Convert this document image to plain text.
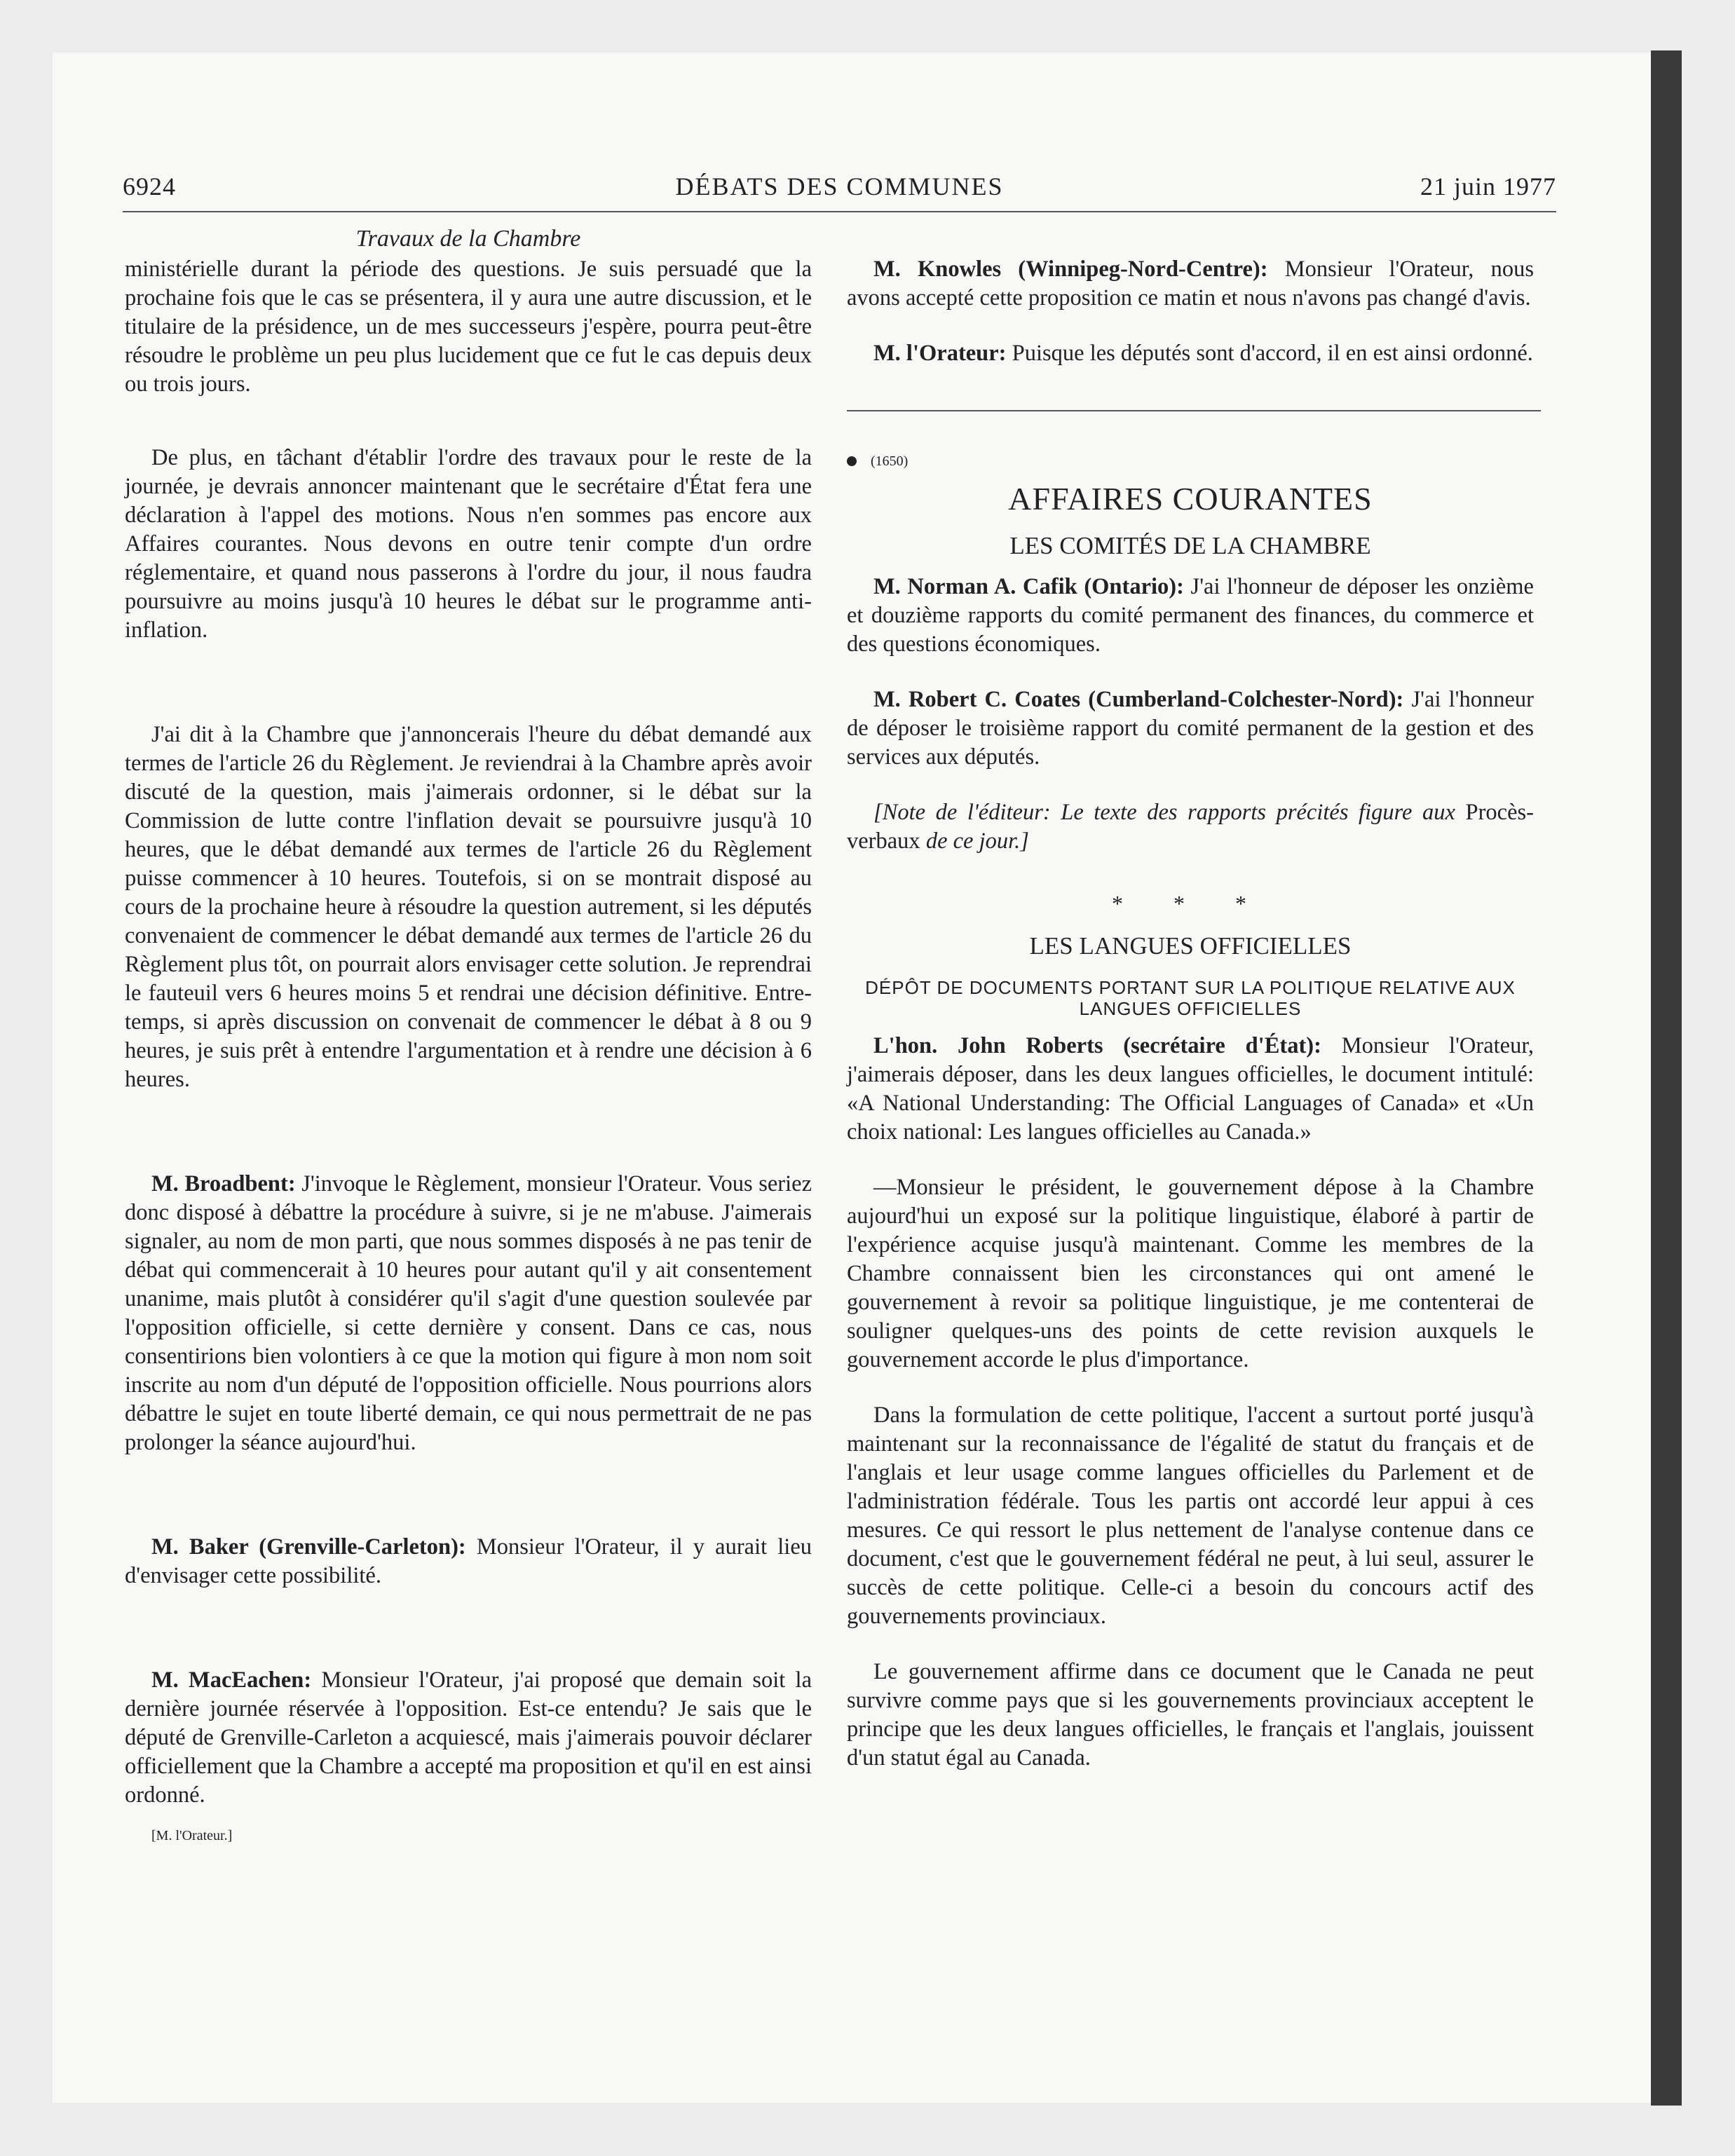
6924	DÉBATS DES COMMUNES	21 juin 1977

Travaux de la Chambre

ministérielle durant la période des questions. Je suis persuadé que la prochaine fois que le cas se présentera, il y aura une autre discussion, et le titulaire de la présidence, un de mes successeurs j'espère, pourra peut-être résoudre le problème un peu plus lucidement que ce fut le cas depuis deux ou trois jours.

De plus, en tâchant d'établir l'ordre des travaux pour le reste de la journée, je devrais annoncer maintenant que le secrétaire d'État fera une déclaration à l'appel des motions. Nous n'en sommes pas encore aux Affaires courantes. Nous devons en outre tenir compte d'un ordre réglementaire, et quand nous passerons à l'ordre du jour, il nous faudra poursuivre au moins jusqu'à 10 heures le débat sur le programme anti-inflation.

J'ai dit à la Chambre que j'annoncerais l'heure du débat demandé aux termes de l'article 26 du Règlement. Je reviendrai à la Chambre après avoir discuté de la question, mais j'aimerais ordonner, si le débat sur la Commission de lutte contre l'inflation devait se poursuivre jusqu'à 10 heures, que le débat demandé aux termes de l'article 26 du Règlement puisse commencer à 10 heures. Toutefois, si on se montrait disposé au cours de la prochaine heure à résoudre la question autrement, si les députés convenaient de commencer le débat demandé aux termes de l'article 26 du Règlement plus tôt, on pourrait alors envisager cette solution. Je reprendrai le fauteuil vers 6 heures moins 5 et rendrai une décision définitive. Entre-temps, si après discussion on convenait de commencer le débat à 8 ou 9 heures, je suis prêt à entendre l'argumentation et à rendre une décision à 6 heures.

M. Broadbent: J'invoque le Règlement, monsieur l'Orateur. Vous seriez donc disposé à débattre la procédure à suivre, si je ne m'abuse. J'aimerais signaler, au nom de mon parti, que nous sommes disposés à ne pas tenir de débat qui commencerait à 10 heures pour autant qu'il y ait consentement unanime, mais plutôt à considérer qu'il s'agit d'une question soulevée par l'opposition officielle, si cette dernière y consent. Dans ce cas, nous consentirions bien volontiers à ce que la motion qui figure à mon nom soit inscrite au nom d'un député de l'opposition officielle. Nous pourrions alors débattre le sujet en toute liberté demain, ce qui nous permettrait de ne pas prolonger la séance aujourd'hui.

M. Baker (Grenville-Carleton): Monsieur l'Orateur, il y aurait lieu d'envisager cette possibilité.

M. MacEachen: Monsieur l'Orateur, j'ai proposé que demain soit la dernière journée réservée à l'opposition. Est-ce entendu? Je sais que le député de Grenville-Carleton a acquiescé, mais j'aimerais pouvoir déclarer officiellement que la Chambre a accepté ma proposition et qu'il en est ainsi ordonné.

[M. l'Orateur.]

M. Knowles (Winnipeg-Nord-Centre): Monsieur l'Orateur, nous avons accepté cette proposition ce matin et nous n'avons pas changé d'avis.

M. l'Orateur: Puisque les députés sont d'accord, il en est ainsi ordonné.

(1650)

AFFAIRES COURANTES

LES COMITÉS DE LA CHAMBRE

M. Norman A. Cafik (Ontario): J'ai l'honneur de déposer les onzième et douzième rapports du comité permanent des finances, du commerce et des questions économiques.

M. Robert C. Coates (Cumberland-Colchester-Nord): J'ai l'honneur de déposer le troisième rapport du comité permanent de la gestion et des services aux députés.

[Note de l'éditeur: Le texte des rapports précités figure aux Procès-verbaux de ce jour.]

* * *

LES LANGUES OFFICIELLES

DÉPÔT DE DOCUMENTS PORTANT SUR LA POLITIQUE RELATIVE AUX LANGUES OFFICIELLES

L'hon. John Roberts (secrétaire d'État): Monsieur l'Orateur, j'aimerais déposer, dans les deux langues officielles, le document intitulé: «A National Understanding: The Official Languages of Canada» et «Un choix national: Les langues officielles au Canada.»

—Monsieur le président, le gouvernement dépose à la Chambre aujourd'hui un exposé sur la politique linguistique, élaboré à partir de l'expérience acquise jusqu'à maintenant. Comme les membres de la Chambre connaissent bien les circonstances qui ont amené le gouvernement à revoir sa politique linguistique, je me contenterai de souligner quelques-uns des points de cette revision auxquels le gouvernement accorde le plus d'importance.

Dans la formulation de cette politique, l'accent a surtout porté jusqu'à maintenant sur la reconnaissance de l'égalité de statut du français et de l'anglais et leur usage comme langues officielles du Parlement et de l'administration fédérale. Tous les partis ont accordé leur appui à ces mesures. Ce qui ressort le plus nettement de l'analyse contenue dans ce document, c'est que le gouvernement fédéral ne peut, à lui seul, assurer le succès de cette politique. Celle-ci a besoin du concours actif des gouvernements provinciaux.

Le gouvernement affirme dans ce document que le Canada ne peut survivre comme pays que si les gouvernements provinciaux acceptent le principe que les deux langues officielles, le français et l'anglais, jouissent d'un statut égal au Canada.
